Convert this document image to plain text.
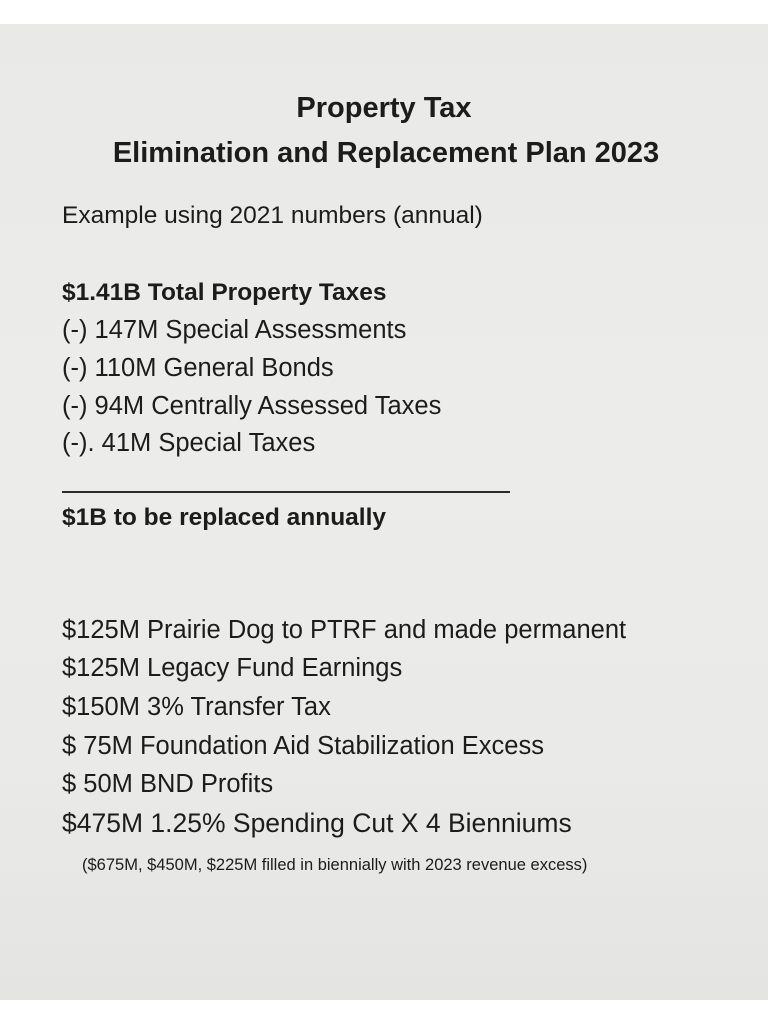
Property Tax
Elimination and Replacement Plan 2023

Example using 2021 numbers (annual)

$1.41B Total Property Taxes

(-) 147M Special Assessments

(-) 110M General Bonds

(-) 94M Centrally Assessed Taxes

(-). 41M Special Taxes

$1B to be replaced annually

$125M Prairie Dog to PTRF and made permanent

$125M Legacy Fund Earnings

$150M 3% Transfer Tax

$ 75M Foundation Aid Stabilization Excess

$ 50M BND Profits

$475M 1.25% Spending Cut X 4 Bienniums

($675M, $450M, $225M filled in biennially with 2023 revenue excess)
